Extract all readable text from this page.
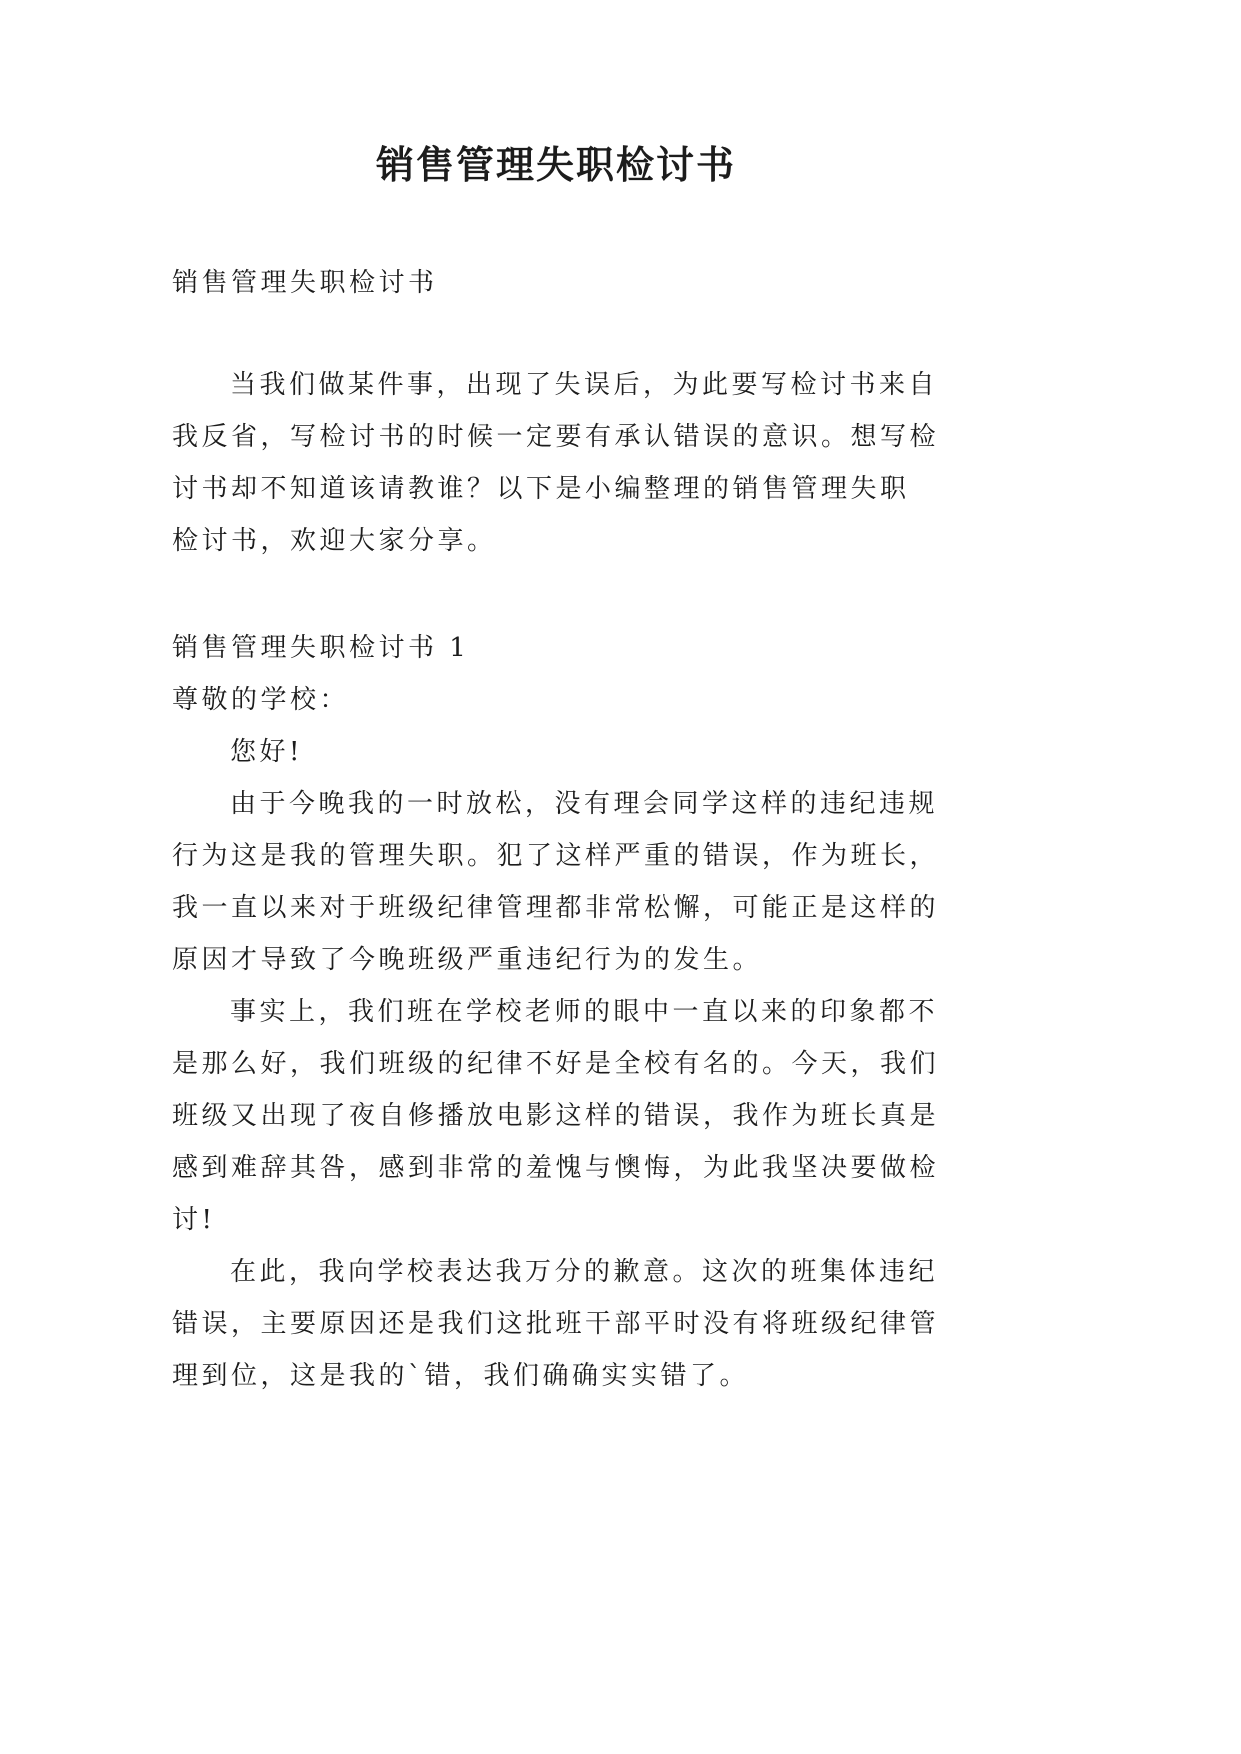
销售管理失职检讨书
销售管理失职检讨书
当我们做某件事，出现了失误后，为此要写检讨书来自
我反省，写检讨书的时候一定要有承认错误的意识。想写检
讨书却不知道该请教谁？以下是小编整理的销售管理失职
检讨书，欢迎大家分享。
销售管理失职检讨书 1
尊敬的学校：
您好!
由于今晚我的一时放松，没有理会同学这样的违纪违规
行为这是我的管理失职。犯了这样严重的错误，作为班长，
我一直以来对于班级纪律管理都非常松懈，可能正是这样的
原因才导致了今晚班级严重违纪行为的发生。
事实上，我们班在学校老师的眼中一直以来的印象都不
是那么好，我们班级的纪律不好是全校有名的。今天，我们
班级又出现了夜自修播放电影这样的错误，我作为班长真是
感到难辞其咎，感到非常的羞愧与懊悔，为此我坚决要做检
讨!
在此，我向学校表达我万分的歉意。这次的班集体违纪
错误，主要原因还是我们这批班干部平时没有将班级纪律管
理到位，这是我的`错，我们确确实实错了。
